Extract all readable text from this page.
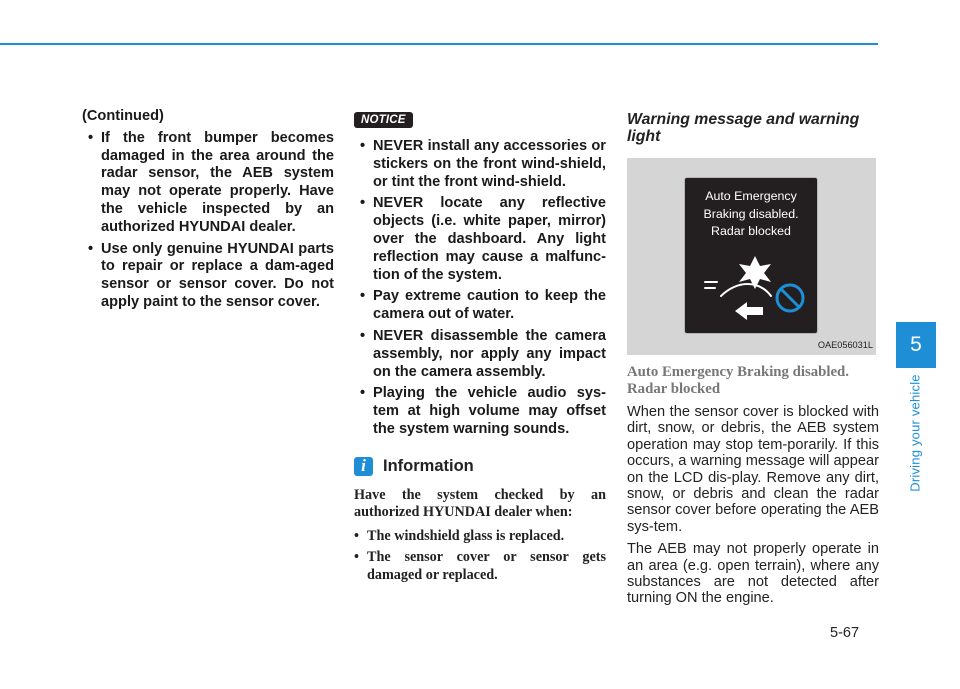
(Continued)
• If the front bumper becomes damaged in the area around the radar sensor, the AEB system may not operate properly. Have the vehicle inspected by an authorized HYUNDAI dealer.
• Use only genuine HYUNDAI parts to repair or replace a dam-aged sensor or sensor cover. Do not apply paint to the sensor cover.
NOTICE
• NEVER install any accessories or stickers on the front wind-shield, or tint the front wind-shield.
• NEVER locate any reflective objects (i.e. white paper, mirror) over the dashboard. Any light reflection may cause a malfunc-tion of the system.
• Pay extreme caution to keep the camera out of water.
• NEVER disassemble the camera assembly, nor apply any impact on the camera assembly.
• Playing the vehicle audio sys-tem at high volume may offset the system warning sounds.
i	Information

Have the system checked by an authorized HYUNDAI dealer when:

• The windshield glass is replaced.
• The sensor cover or sensor gets damaged or replaced.
Warning message and warning light
Auto Emergency
Braking disabled.
Radar blocked
OAE056031L
Auto Emergency Braking disabled. Radar blocked

When the sensor cover is blocked with dirt, snow, or debris, the AEB system operation may stop tem-porarily. If this occurs, a warning message will appear on the LCD dis-play. Remove any dirt, snow, or debris and clean the radar sensor cover before operating the AEB sys-tem.

The AEB may not properly operate in an area (e.g. open terrain), where any substances are not detected after turning ON the engine.

5
Driving your vehicle
5-67
